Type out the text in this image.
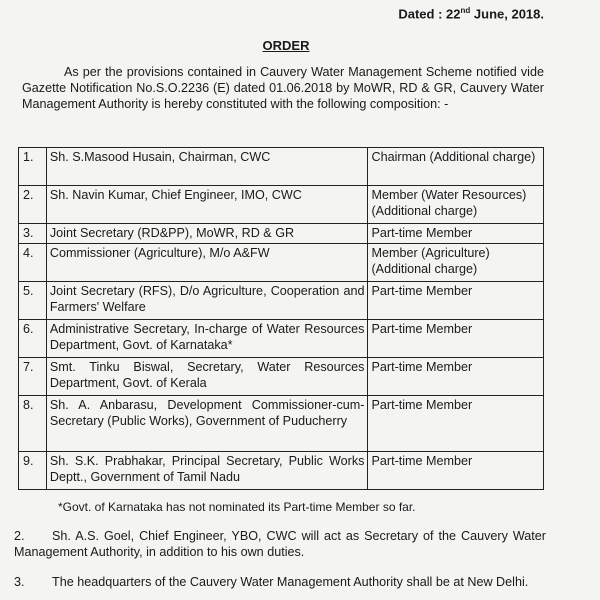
Dated : 22nd June, 2018.
ORDER

As per the provisions contained in Cauvery Water Management Scheme notified vide Gazette Notification No.S.O.2236 (E) dated 01.06.2018 by MoWR, RD & GR, Cauvery Water Management Authority is hereby constituted with the following composition: -

1.	Sh. S.Masood Husain, Chairman, CWC	Chairman (Additional charge)
2.	Sh. Navin Kumar, Chief Engineer, IMO, CWC	Member (Water Resources) (Additional charge)
3.	Joint Secretary (RD&PP), MoWR, RD & GR	Part-time Member
4.	Commissioner (Agriculture), M/o A&FW	Member (Agriculture) (Additional charge)
5.	Joint Secretary (RFS), D/o Agriculture, Cooperation and Farmers' Welfare	Part-time Member
6.	Administrative Secretary, In-charge of Water Resources Department, Govt. of Karnataka*	Part-time Member
7.	Smt. Tinku Biswal, Secretary, Water Resources Department, Govt. of Kerala	Part-time Member
8.	Sh. A. Anbarasu, Development Commissioner-cum-Secretary (Public Works), Government of Puducherry	Part-time Member
9.	Sh. S.K. Prabhakar, Principal Secretary, Public Works Deptt., Government of Tamil Nadu	Part-time Member
*Govt. of Karnataka has not nominated its Part-time Member so far.

2. Sh. A.S. Goel, Chief Engineer, YBO, CWC will act as Secretary of the Cauvery Water Management Authority, in addition to his own duties.

3. The headquarters of the Cauvery Water Management Authority shall be at New Delhi.
